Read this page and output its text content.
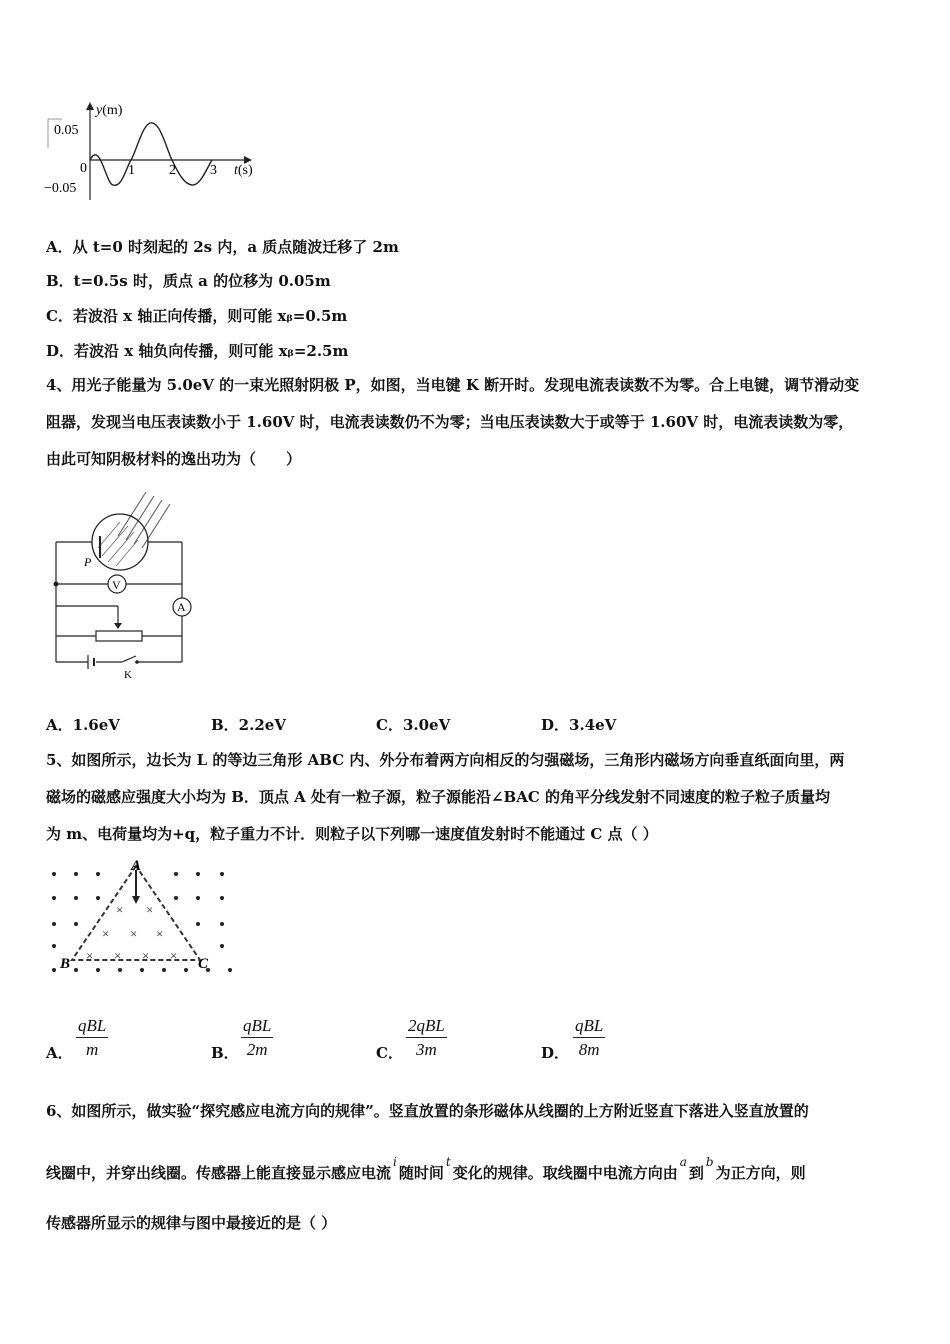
y(m)
0.05
−0.05
0	1 2 3 t(s)
A．从 t=0 时刻起的 2s 内，a 质点随波迁移了 2m
B．t=0.5s 时，质点 a 的位移为 0.05m
C．若波沿 x 轴正向传播，则可能 xᵦ=0.5m
D．若波沿 x 轴负向传播，则可能 xᵦ=2.5m
4、用光子能量为 5.0eV 的一束光照射阴极 P，如图，当电键 K 断开时。发现电流表读数不为零。合上电键，调节滑动变
阻器，发现当电压表读数小于 1.60V 时，电流表读数仍不为零；当电压表读数大于或等于 1.60V 时，电流表读数为零，
由此可知阴极材料的逸出功为（　　）
P
V
A
K
A．1.6eV	B．2.2eV	C．3.0eV	D．3.4eV
5、如图所示，边长为 L 的等边三角形 ABC 内、外分布着两方向相反的匀强磁场，三角形内磁场方向垂直纸面向里，两
磁场的磁感应强度大小均为 B．顶点 A 处有一粒子源，粒子源能沿∠BAC 的角平分线发射不同速度的粒子粒子质量均
为 m、电荷量均为+q，粒子重力不计．则粒子以下列哪一速度值发射时不能通过 C 点（ ）
× ×
× × ×
× × × ×
A
B	C
A．
qBL
m	B．
qBL
2m	C．
2qBL
3m	D．
qBL
8m
6、如图所示，做实验“探究感应电流方向的规律”。竖直放置的条形磁体从线圈的上方附近竖直下落进入竖直放置的
线圈中，并穿出线圈。传感器上能直接显示感应电流$^i$随时间$^t$变化的规律。取线圈中电流方向由$^a$到$^b$为正方向，则
传感器所显示的规律与图中最接近的是（ ）
